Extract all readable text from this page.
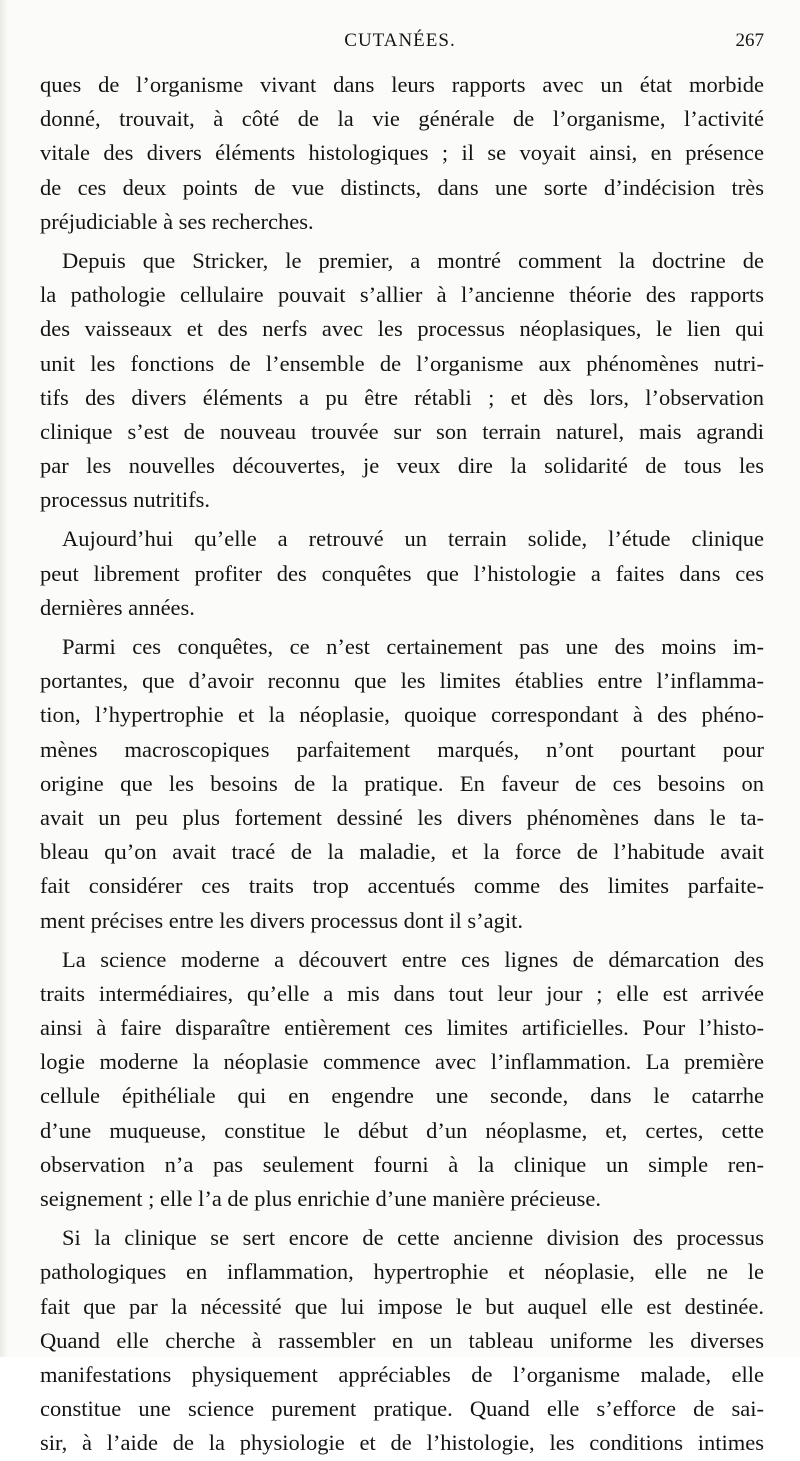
CUTANÉES.	267
ques de l’organisme vivant dans leurs rapports avec un état morbide
donné, trouvait, à côté de la vie générale de l’organisme, l’activité
vitale des divers éléments histologiques ; il se voyait ainsi, en présence
de ces deux points de vue distincts, dans une sorte d’indécision très
préjudiciable à ses recherches.
Depuis que Stricker, le premier, a montré comment la doctrine de
la pathologie cellulaire pouvait s’allier à l’ancienne théorie des rapports
des vaisseaux et des nerfs avec les processus néoplasiques, le lien qui
unit les fonctions de l’ensemble de l’organisme aux phénomènes nutri-
tifs des divers éléments a pu être rétabli ; et dès lors, l’observation
clinique s’est de nouveau trouvée sur son terrain naturel, mais agrandi
par les nouvelles découvertes, je veux dire la solidarité de tous les
processus nutritifs.
Aujourd’hui qu’elle a retrouvé un terrain solide, l’étude clinique
peut librement profiter des conquêtes que l’histologie a faites dans ces
dernières années.
Parmi ces conquêtes, ce n’est certainement pas une des moins im-
portantes, que d’avoir reconnu que les limites établies entre l’inflamma-
tion, l’hypertrophie et la néoplasie, quoique correspondant à des phéno-
mènes macroscopiques parfaitement marqués, n’ont pourtant pour
origine que les besoins de la pratique. En faveur de ces besoins on
avait un peu plus fortement dessiné les divers phénomènes dans le ta-
bleau qu’on avait tracé de la maladie, et la force de l’habitude avait
fait considérer ces traits trop accentués comme des limites parfaite-
ment précises entre les divers processus dont il s’agit.
La science moderne a découvert entre ces lignes de démarcation des
traits intermédiaires, qu’elle a mis dans tout leur jour ; elle est arrivée
ainsi à faire disparaître entièrement ces limites artificielles. Pour l’histo-
logie moderne la néoplasie commence avec l’inflammation. La première
cellule épithéliale qui en engendre une seconde, dans le catarrhe
d’une muqueuse, constitue le début d’un néoplasme, et, certes, cette
observation n’a pas seulement fourni à la clinique un simple ren-
seignement ; elle l’a de plus enrichie d’une manière précieuse.
Si la clinique se sert encore de cette ancienne division des processus
pathologiques en inflammation, hypertrophie et néoplasie, elle ne le
fait que par la nécessité que lui impose le but auquel elle est destinée.
Quand elle cherche à rassembler en un tableau uniforme les diverses
manifestations physiquement appréciables de l’organisme malade, elle
constitue une science purement pratique. Quand elle s’efforce de sai-
sir, à l’aide de la physiologie et de l’histologie, les conditions intimes
